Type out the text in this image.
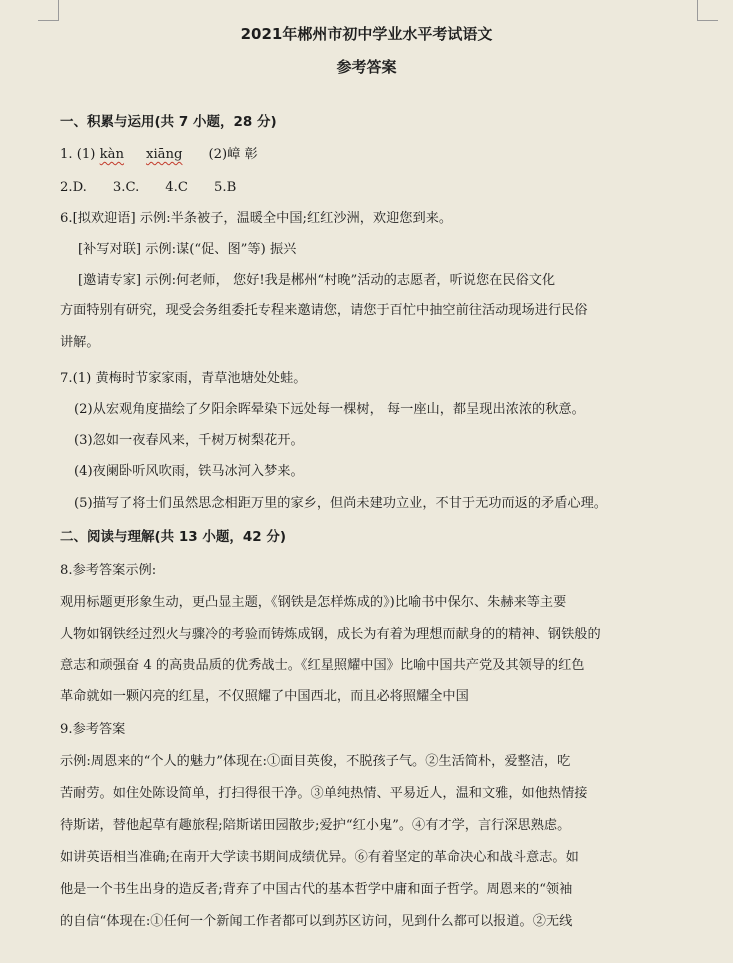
2021年郴州市初中学业水平考试语文
参考答案
一、积累与运用(共 7 小题，28 分)
1. (1) kàn xiāng (2)嶂 彰
2.D. 3.C. 4.C 5.B
6.[拟欢迎语] 示例:半条被子，温暖全中国;红红沙洲，欢迎您到来。
[补写对联] 示例:谋(“促、图”等) 振兴
[邀请专家] 示例:何老师， 您好!我是郴州“村晚”活动的志愿者，听说您在民俗文化
方面特别有研究，现受会务组委托专程来邀请您，请您于百忙中抽空前往活动现场进行民俗
讲解。
7.(1) 黄梅时节家家雨，青草池塘处处蛙。
(2)从宏观角度描绘了夕阳余晖晕染下远处每一棵树， 每一座山，都呈现出浓浓的秋意。
(3)忽如一夜春风来，千树万树梨花开。
(4)夜阑卧听风吹雨，铁马冰河入梦来。
(5)描写了将士们虽然思念相距万里的家乡，但尚未建功立业，不甘于无功而返的矛盾心理。
二、阅读与理解(共 13 小题，42 分)
8.参考答案示例:
观用标题更形象生动，更凸显主题，《钢铁是怎样炼成的》)比喻书中保尔、朱赫来等主要
人物如钢铁经过烈火与骤冷的考验而铸炼成钢，成长为有着为理想而献身的的精神、钢铁般的
意志和顽强奋 4 的高贵品质的优秀战士。《红星照耀中国》比喻中国共产党及其领导的红色
革命就如一颗闪亮的红星，不仅照耀了中国西北，而且必将照耀全中国
9.参考答案
示例:周恩来的“个人的魅力”体现在:①面目英俊，不脱孩子气。②生活简朴，爱整洁，吃
苦耐劳。如住处陈设简单，打扫得很干净。③单纯热情、平易近人，温和文雅，如他热情接
待斯诺，替他起草有趣旅程;陪斯诺田园散步;爱护“红小鬼”。④有才学，言行深思熟虑。
如讲英语相当准确;在南开大学读书期间成绩优异。⑥有着坚定的革命决心和战斗意志。如
他是一个书生出身的造反者;背弃了中国古代的基本哲学中庸和面子哲学。周恩来的“领袖
的自信“体现在:①任何一个新闻工作者都可以到苏区访问，见到什么都可以报道。②无线
